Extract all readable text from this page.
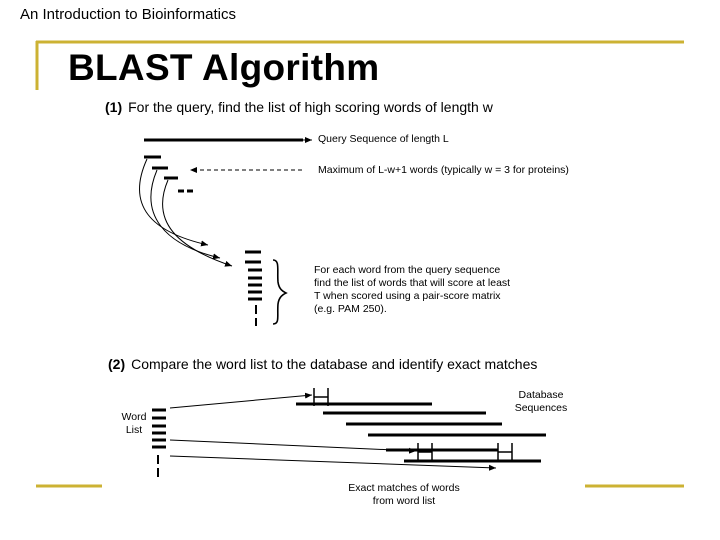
An Introduction to Bioinformatics
BLAST Algorithm
(1) For the query, find the list of high scoring words of length w
Query Sequence of length L
Maximum of L-w+1 words (typically w = 3 for proteins)
For each word from the query sequence
find the list of words that will score at least
T when scored using a pair-score matrix
(e.g. PAM 250).
(2) Compare the word list to the database and identify exact matches
Word
List
Database
Sequences
Exact matches of words
from word list
